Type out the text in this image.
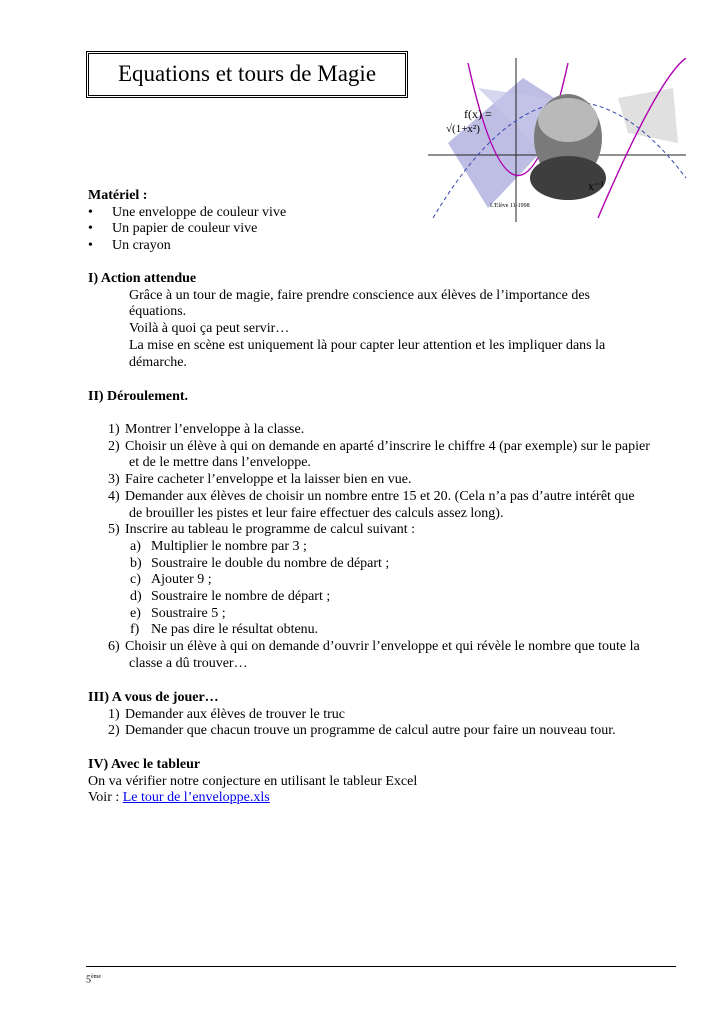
Equations et tours de Magie
f(x) =
√(1+x²)
x⁻¹
L'Elève 11-1998
Matériel :
• Une enveloppe de couleur vive
• Un papier de couleur vive
• Un crayon
I) Action attendue
Grâce à un tour de magie, faire prendre conscience aux élèves de l’importance des
équations.
Voilà à quoi ça peut servir…
La mise en scène est uniquement là pour capter leur attention et les impliquer dans la
démarche.
II) Déroulement.
1) Montrer l’enveloppe à la classe.
2) Choisir un élève à qui on demande en aparté d’inscrire le chiffre 4 (par exemple) sur le papier
et de le mettre dans l’enveloppe.
3) Faire cacheter l’enveloppe et la laisser bien en vue.
4) Demander aux élèves de choisir un nombre entre 15 et 20. (Cela n’a pas d’autre intérêt que
de brouiller les pistes et leur faire effectuer des calculs assez long).
5) Inscrire au tableau le programme de calcul suivant :
a) Multiplier le nombre par 3 ;
b) Soustraire le double du nombre de départ ;
c) Ajouter 9 ;
d) Soustraire le nombre de départ ;
e) Soustraire 5 ;
f) Ne pas dire le résultat obtenu.
6) Choisir un élève à qui on demande d’ouvrir l’enveloppe et qui révèle le nombre que toute la
classe a dû trouver…
III) A vous de jouer…
1) Demander aux élèves de trouver le truc
2) Demander que chacun trouve un programme de calcul autre pour faire un nouveau tour.
IV) Avec le tableur
On va vérifier notre conjecture en utilisant le tableur Excel
Voir : Le tour de l’enveloppe.xls
5ème
